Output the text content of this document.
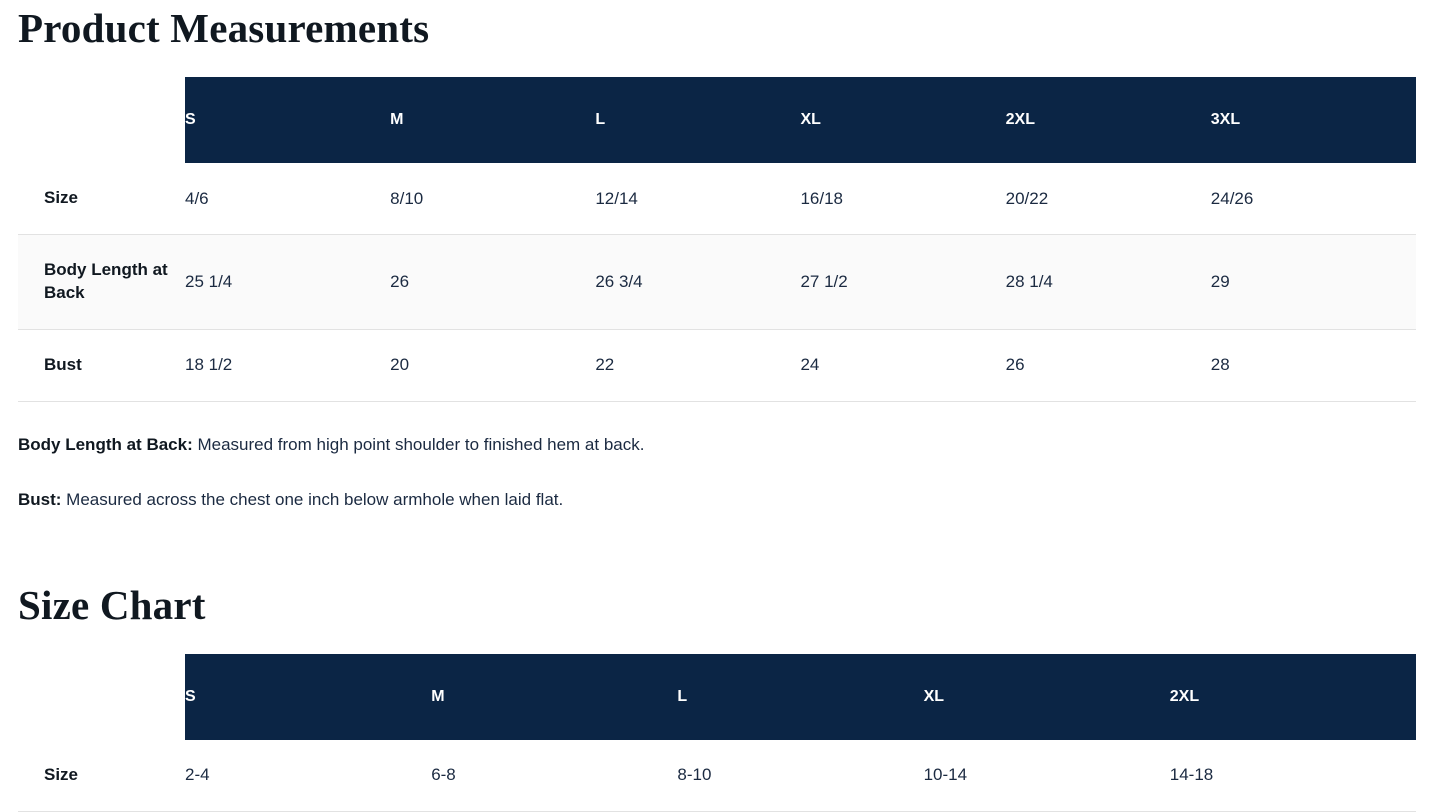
Product Measurements
	S	M	L	XL	2XL	3XL
Size	4/6	8/10	12/14	16/18	20/22	24/26
Body Length at Back	25 1/4	26	26 3/4	27 1/2	28 1/4	29
Bust	18 1/2	20	22	24	26	28

Body Length at Back: Measured from high point shoulder to finished hem at back.

Bust: Measured across the chest one inch below armhole when laid flat.

Size Chart
	S	M	L	XL	2XL
Size	2-4	6-8	8-10	10-14	14-18
